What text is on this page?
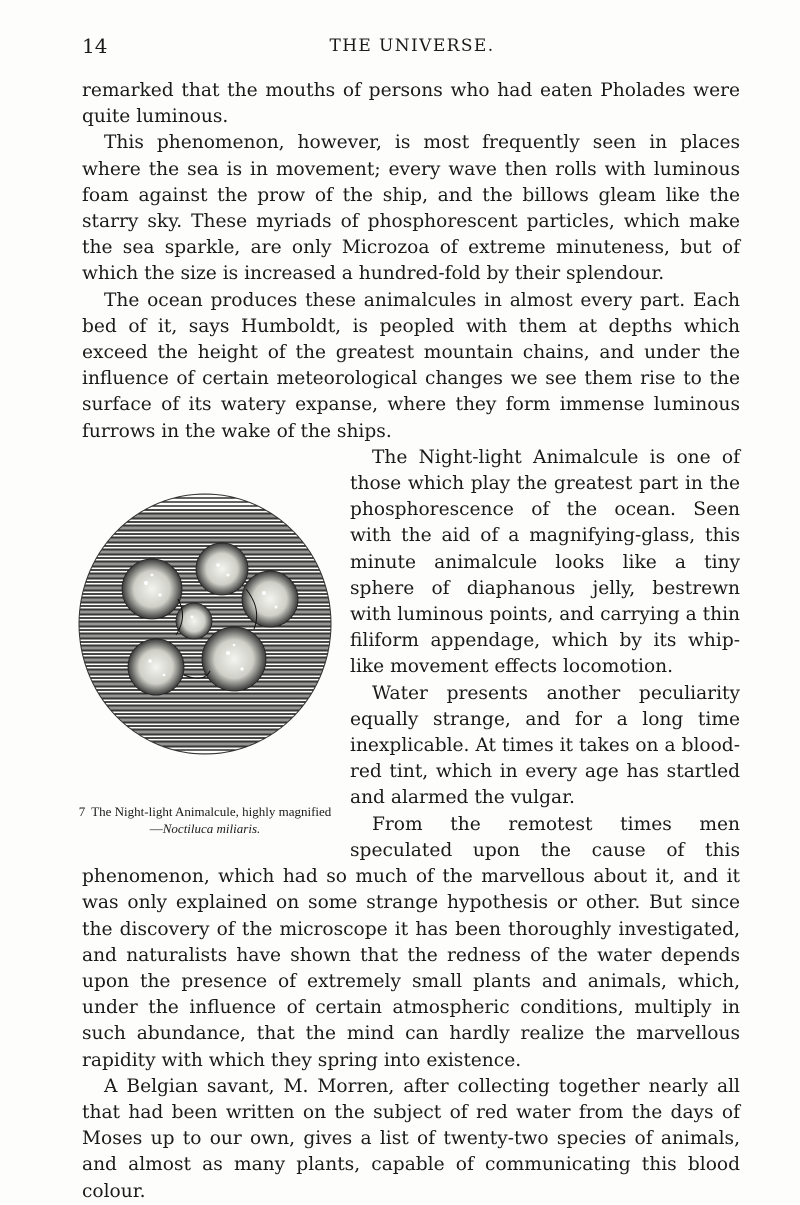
14	THE UNIVERSE.

remarked that the mouths of persons who had eaten Pholades were quite luminous.

This phenomenon, however, is most frequently seen in places where the sea is in movement; every wave then rolls with luminous foam against the prow of the ship, and the billows gleam like the starry sky. These myriads of phosphorescent particles, which make the sea sparkle, are only Microzoa of extreme minuteness, but of which the size is increased a hundred-fold by their splendour.

The ocean produces these animalcules in almost every part. Each bed of it, says Humboldt, is peopled with them at depths which exceed the height of the greatest mountain chains, and under the influence of certain meteorological changes we see them rise to the surface of its watery expanse, where they form immense luminous furrows in the wake of the ships.

7 The Night-light Animalcule, highly magnified—Noctiluca miliaris.

The Night-light Animalcule is one of those which play the greatest part in the phosphorescence of the ocean. Seen with the aid of a magnifying-glass, this minute animalcule looks like a tiny sphere of diaphanous jelly, bestrewn with luminous points, and carrying a thin filiform appendage, which by its whip-like movement effects locomotion.

Water presents another peculiarity equally strange, and for a long time inexplicable. At times it takes on a blood-red tint, which in every age has startled and alarmed the vulgar.

From the remotest times men speculated upon the cause of this phenomenon, which had so much of the marvellous about it, and it was only explained on some strange hypothesis or other. But since the discovery of the microscope it has been thoroughly investigated, and naturalists have shown that the redness of the water depends upon the presence of extremely small plants and animals, which, under the influence of certain atmospheric conditions, multiply in such abundance, that the mind can hardly realize the marvellous rapidity with which they spring into existence.

A Belgian savant, M. Morren, after collecting together nearly all that had been written on the subject of red water from the days of Moses up to our own, gives a list of twenty-two species of animals, and almost as many plants, capable of communicating this blood colour.
